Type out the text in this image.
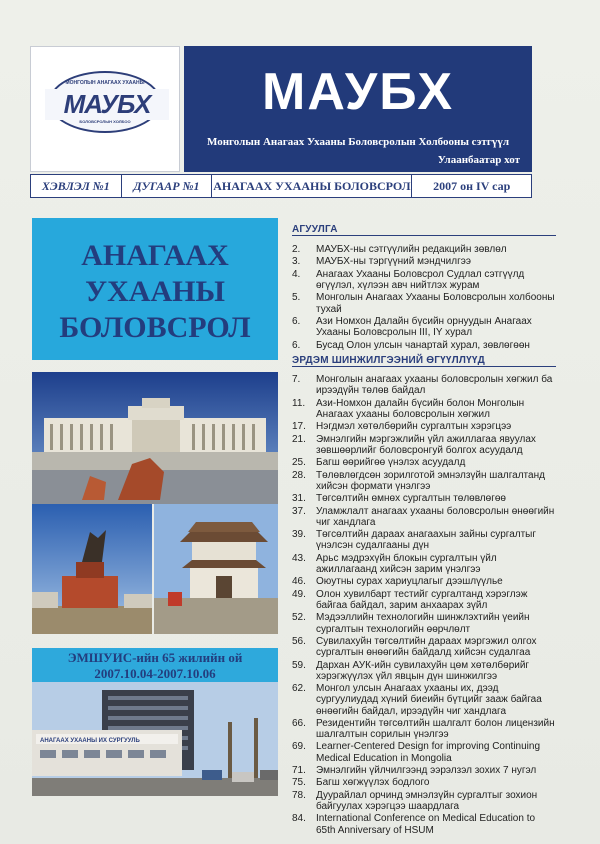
МОНГОЛЫН АНАГААХ УХААНЫ
МАУБХ
БОЛОВСРОЛЫН ХОЛБОО
МАУБХ
Монголын Анагаах Ухааны Боловсролын Холбооны сэтгүүл
Улаанбаатар хот
ХЭВЛЭЛ №1	ДУГААР №1	АНАГААХ УХААНЫ БОЛОВСРОЛ	2007 он IV сар
АНАГААХ
УХААНЫ
БОЛОВСРОЛ
ЭМШУИС-ийн 65 жилийн ой
2007.10.04-2007.10.06
АНАГААХ УХААНЫ ИХ СУРГУУЛЬ
АГУУЛГА
2.	МАУБХ-ны сэтгүүлийн редакцийн зөвлөл
3.	МАУБХ-ны тэргүүний мэндчилгээ
4.	Анагаах Ухааны Боловсрол Судлал сэтгүүлд өгүүлэл, хүлээн авч нийтлэх журам
5.	Монголын Анагаах Ухааны Боловсролын холбооны тухай
6.	Ази Номхон Далайн бүсийн орнуудын Анагаах Ухааны Боловсролын III, IY хурал
6.	Бусад Олон улсын чанартай хурал, зөвлөгөөн
ЭРДЭМ ШИНЖИЛГЭЭНИЙ ӨГҮҮЛЛҮҮД
7.	Монголын анагаах ухааны боловсролын хөгжил ба ирээдүйн төлөв байдал
11.	Ази-Номхон далайн бүсийн болон Монголын Анагаах ухааны боловсролын хөгжил
17.	Нэгдмэл хөтөлбөрийн сургалтын хэрэгцээ
21.	Эмнэлгийн мэргэжлийн үйл ажиллагаа явуулах зөвшөөрлийг боловсронгуй болгох асуудалд
25.	Багш өөрийгөө үнэлэх асуудалд
28.	Төлөвлөгдсөн зорилготой эмнэлзүйн шалгалтанд хийсэн формати үнэлгээ
31.	Төгсөлтийн өмнөх сургалтын төлөвлөгөө
37.	Уламжлалт анагаах ухааны боловсролын өнөөгийн чиг хандлага
39.	Төгсөлтийн дараах анагаахын зайны сургалтыг үнэлсэн судалгааны дүн
43.	Арьс мэдрэхүйн блокын сургалтын үйл ажиллагаанд хийсэн зарим үнэлгээ
46.	Оюутны сурах хариуцлагыг дээшлүүлье
49.	Олон хувилбарт тестийг сургалтанд хэрэглэж байгаа байдал, зарим анхаарах зүйл
52.	Мэдээллийн технологийн шинжлэхтийн үеийн сургалтын технологийн өөрчлөлт
56.	Сувилахуйн төгсөлтийн дараах мэргэжил олгох сургалтын өнөөгийн байдалд хийсэн судалгаа
59.	Дархан АУК-ийн сувилахуйн цөм хөтөлбөрийг хэрэгжүүлэх үйл явцын дүн шинжилгээ
62.	Монгол улсын Анагаах ухааны их, дээд сургуулиудад хүний биеийн бүтцийг зааж байгаа өнөөгийн байдал, ирээдүйн чиг хандлага
66.	Резидентийн төгсөлтийн шалгалт болон лицензийн шалгалтын сорилын үнэлгээ
69.	Learner-Centered Design for improving Continuing Medical Education in Mongolia
71.	Эмнэлгийн үйлчилгээнд ээрэлзэл зохих 7 нугэл
75.	Багш хөгжүүлэх бодлого
78.	Дуурайлал орчинд эмнэлзүйн сургалтыг зохион байгуулах хэрэгцээ шаардлага
84.	International Conference on Medical Education to 65th Anniversary of HSUM
